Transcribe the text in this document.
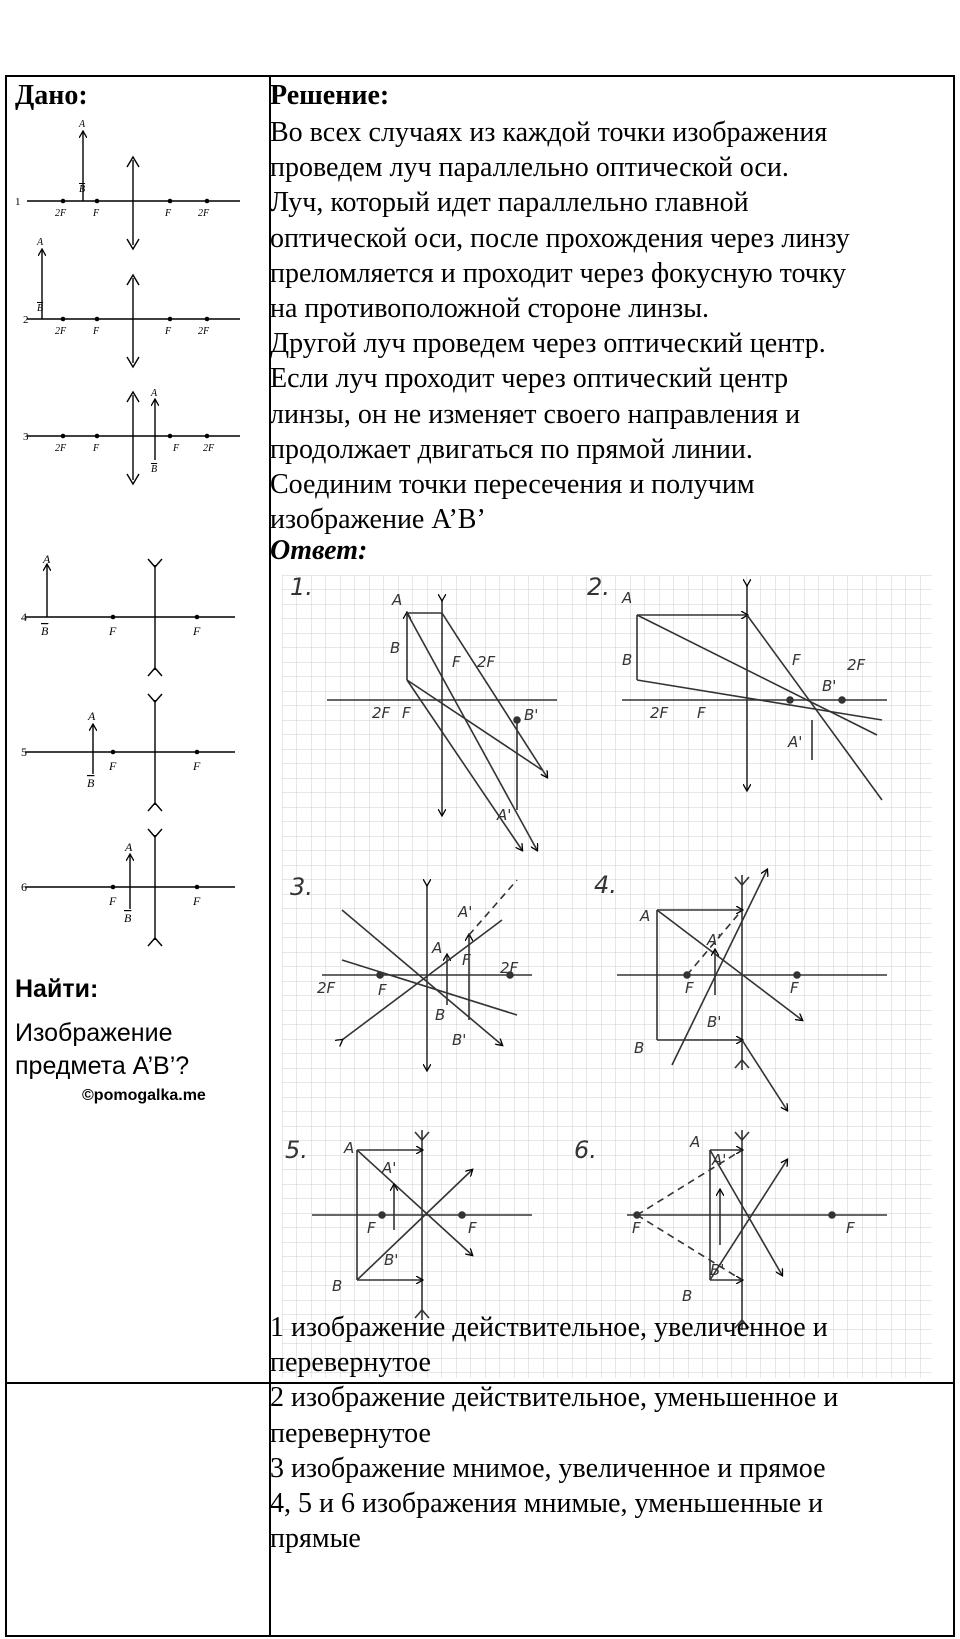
Дано:
1
A
B
2F	F	F	2F
2
A
B
2F	F	F	2F
3
A
B
2F	F	F 2F
4
A
B	F	F
5
A
B
F	F
6
A
B
F	F
Найти:
Изображение
предмета A’B’?
©pomogalka.me
Решение:
Во всех случаях из каждой точки изображения
проведем луч параллельно оптической оси.
Луч, который идет параллельно главной
оптической оси, после прохождения через линзу
преломляется и проходит через фокусную точку
на противоположной стороне линзы.
Другой луч проведем через оптический центр.
Если луч проходит через оптический центр
линзы, он не изменяет своего направления и
продолжает двигаться по прямой линии.
Соединим точки пересечения и получим
изображение A’B’
Ответ:
1.	A
B
F 2F
2F F	B'
A'
2. A
B	F	2F
2F F
B'
A'
3.
A'
A
F 2F
2F	F
B
B'
4.
A
A'
F	F
B'
B
5. A
A'
F	F
B'
B
6.	A
A'
F	F
B'
B
1 изображение действительное, увеличенное и
перевернутое
2 изображение действительное, уменьшенное и
перевернутое
3 изображение мнимое, увеличенное и прямое
4, 5 и 6 изображения мнимые, уменьшенные и
прямые
